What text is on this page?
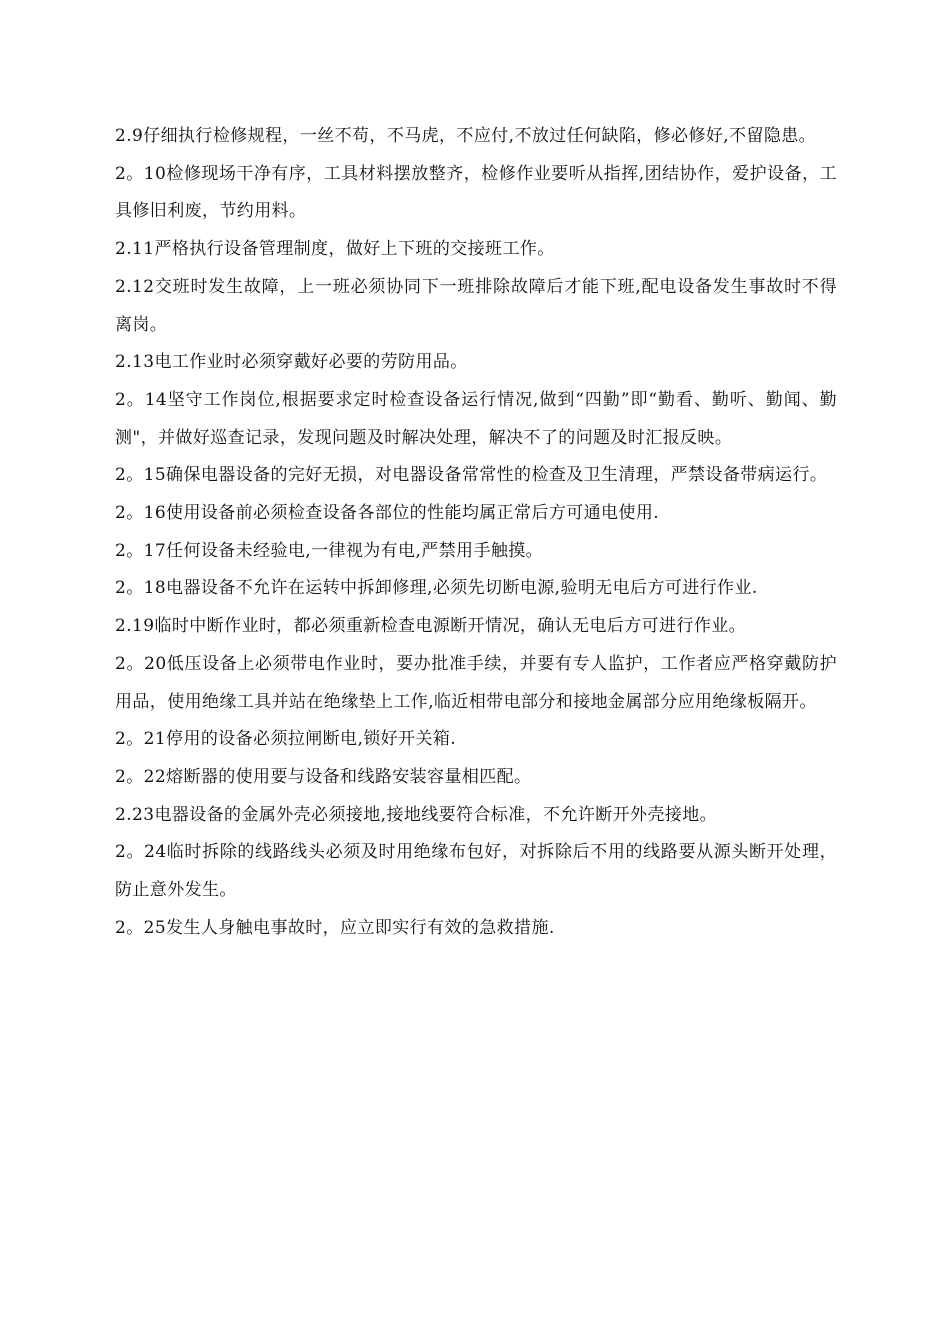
2.9仔细执行检修规程，一丝不苟，不马虎，不应付,不放过任何缺陷，修必修好,不留隐患。

2。10检修现场干净有序，工具材料摆放整齐，检修作业要听从指挥,团结协作，爱护设备，工具修旧利废，节约用料。

2.11严格执行设备管理制度，做好上下班的交接班工作。

2.12交班时发生故障，上一班必须协同下一班排除故障后才能下班,配电设备发生事故时不得离岗。

2.13电工作业时必须穿戴好必要的劳防用品。

2。14坚守工作岗位,根据要求定时检查设备运行情况,做到“四勤”即“勤看、勤听、勤闻、勤测"，并做好巡查记录，发现问题及时解决处理，解决不了的问题及时汇报反映。

2。15确保电器设备的完好无损，对电器设备常常性的检查及卫生清理，严禁设备带病运行。

2。16使用设备前必须检查设备各部位的性能均属正常后方可通电使用.

2。17任何设备未经验电,一律视为有电,严禁用手触摸。

2。18电器设备不允许在运转中拆卸修理,必须先切断电源,验明无电后方可进行作业.

2.19临时中断作业时，都必须重新检查电源断开情况，确认无电后方可进行作业。

2。20低压设备上必须带电作业时，要办批准手续，并要有专人监护，工作者应严格穿戴防护用品，使用绝缘工具并站在绝缘垫上工作,临近相带电部分和接地金属部分应用绝缘板隔开。

2。21停用的设备必须拉闸断电,锁好开关箱.

2。22熔断器的使用要与设备和线路安装容量相匹配。

2.23电器设备的金属外壳必须接地,接地线要符合标准，不允许断开外壳接地。

2。24临时拆除的线路线头必须及时用绝缘布包好，对拆除后不用的线路要从源头断开处理，防止意外发生。

2。25发生人身触电事故时，应立即实行有效的急救措施.
